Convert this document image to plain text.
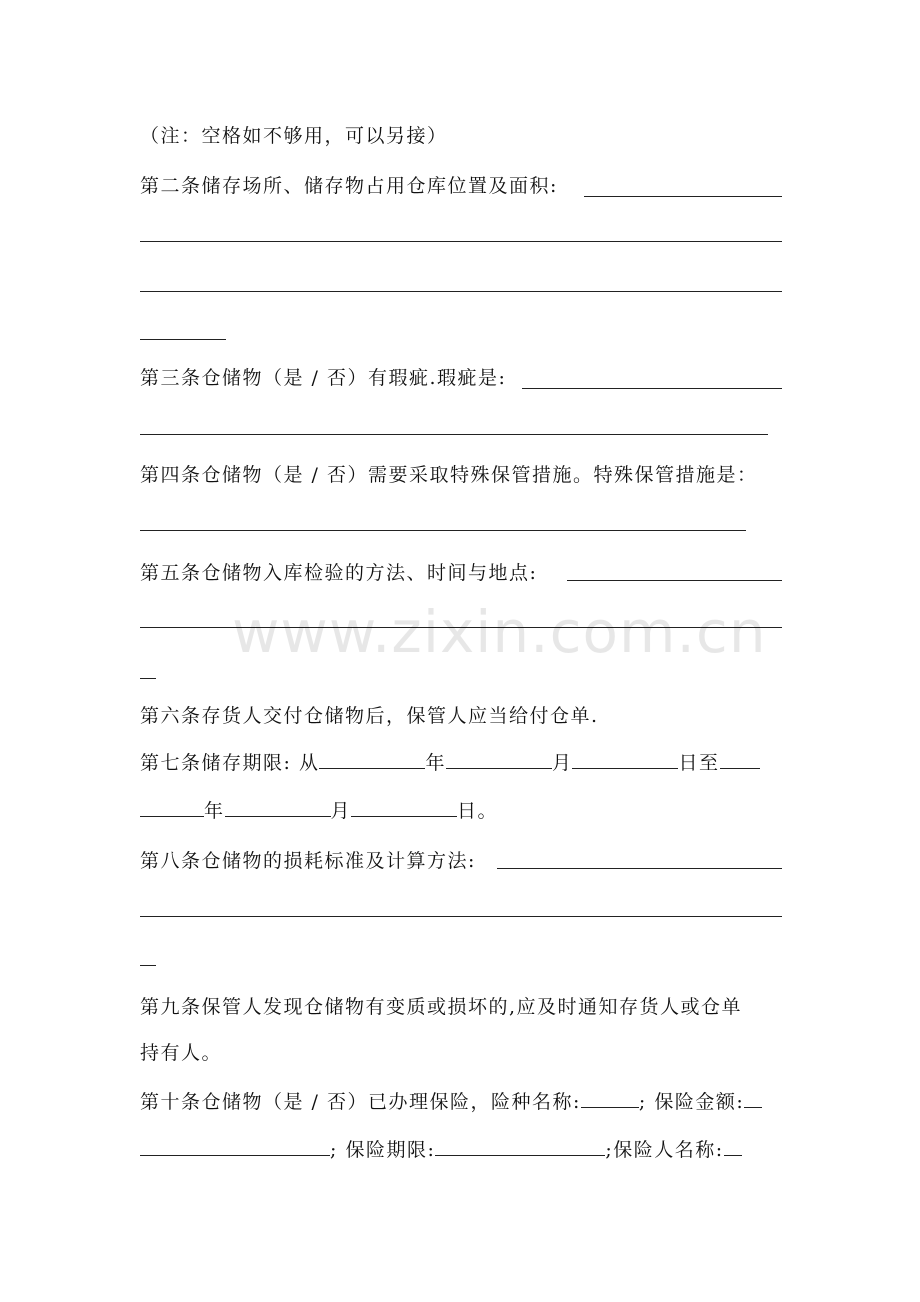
（注：空格如不够用，可以另接）
第二条储存场所、储存物占用仓库位置及面积:
第三条仓储物（是 / 否）有瑕疵.瑕疵是:
第四条仓储物（是 / 否）需要采取特殊保管措施。特殊保管措施是：
第五条仓储物入库检验的方法、时间与地点:
www.zixin.com.cn
第六条存货人交付仓储物后，保管人应当给付仓单.
第七条储存期限: 从	年	月	日至
年	月	日。
第八条仓储物的损耗标准及计算方法:
第九条保管人发现仓储物有变质或损坏的,应及时通知存货人或仓单
持有人。
第十条仓储物（是 / 否）已办理保险，险种名称:	; 保险金额:
; 保险期限:	;保险人名称:
